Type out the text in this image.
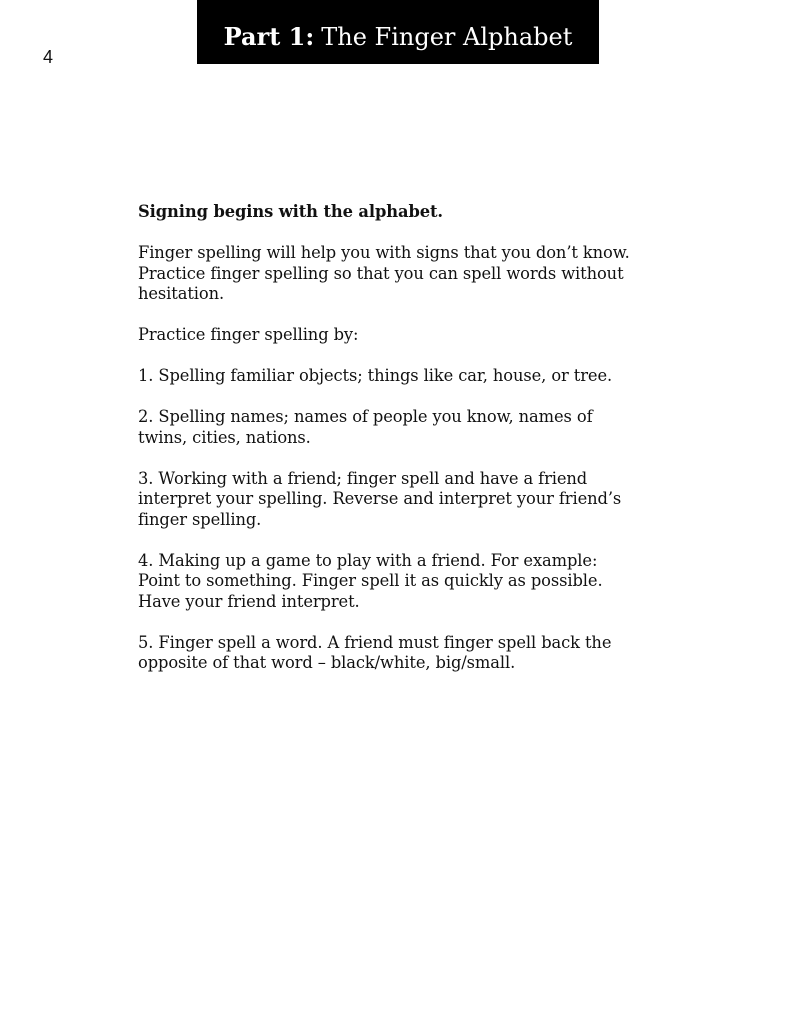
4
Part 1: The Finger Alphabet

Signing begins with the alphabet.

Finger spelling will help you with signs that you don’t know.
Practice finger spelling so that you can spell words without
hesitation.

Practice finger spelling by:

1. Spelling familiar objects; things like car, house, or tree.

2. Spelling names; names of people you know, names of
twins, cities, nations.

3. Working with a friend; finger spell and have a friend
interpret your spelling. Reverse and interpret your friend’s
finger spelling.

4. Making up a game to play with a friend. For example:
Point to something. Finger spell it as quickly as possible.
Have your friend interpret.

5. Finger spell a word. A friend must finger spell back the
opposite of that word – black/white, big/small.
